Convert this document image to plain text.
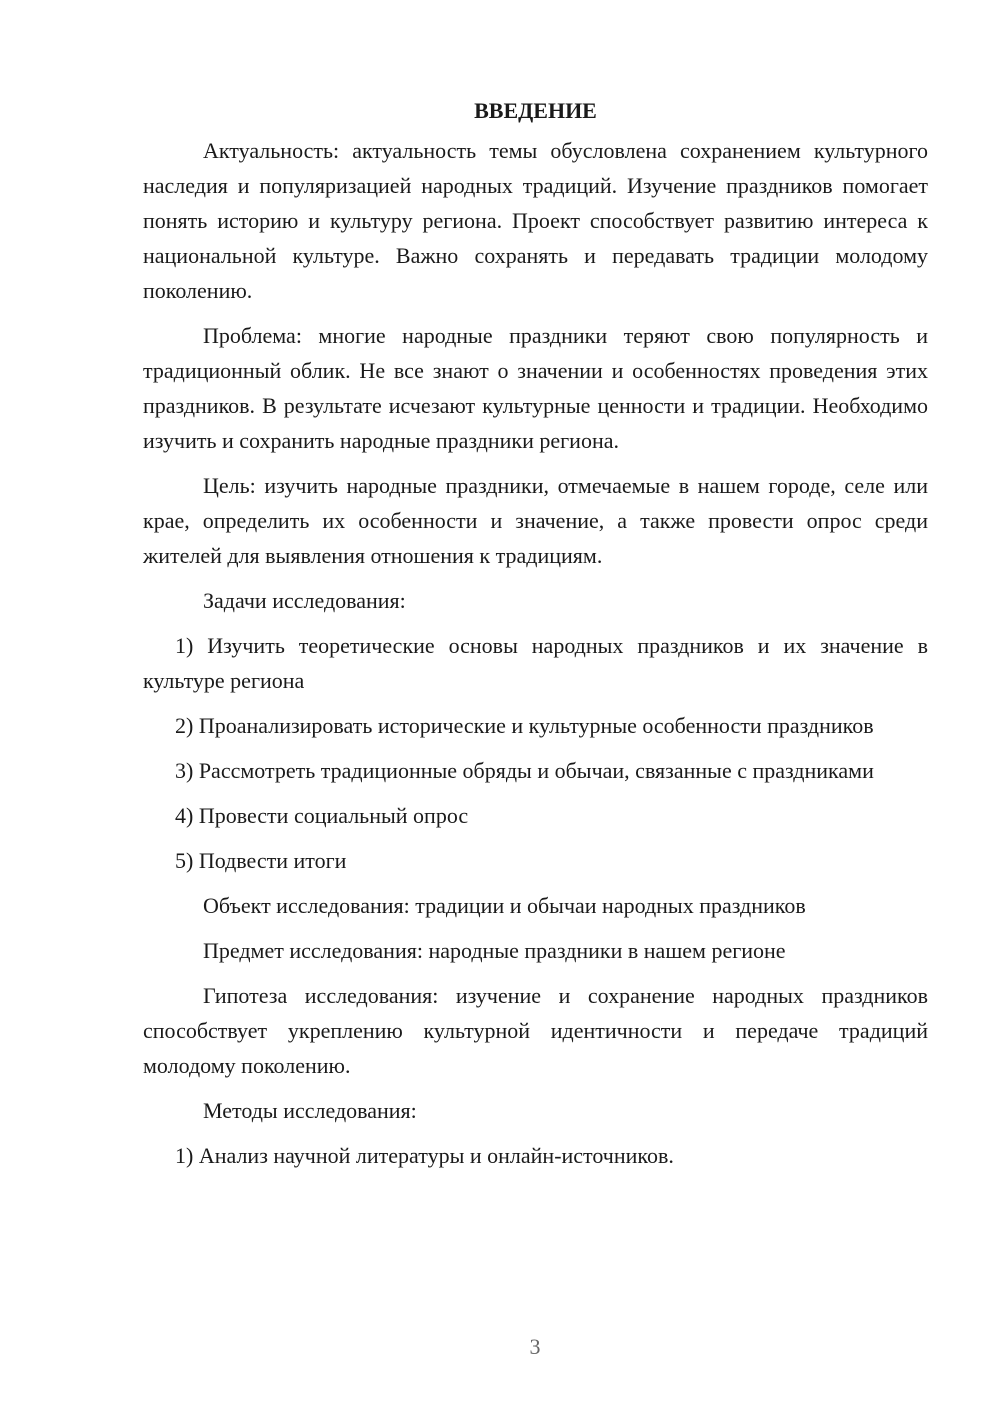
ВВЕДЕНИЕ

Актуальность: актуальность темы обусловлена сохранением культурного наследия и популяризацией народных традиций. Изучение праздников помогает понять историю и культуру региона. Проект способствует развитию интереса к национальной культуре. Важно сохранять и передавать традиции молодому поколению.

Проблема: многие народные праздники теряют свою популярность и традиционный облик. Не все знают о значении и особенностях проведения этих праздников. В результате исчезают культурные ценности и традиции. Необходимо изучить и сохранить народные праздники региона.

Цель: изучить народные праздники, отмечаемые в нашем городе, селе или крае, определить их особенности и значение, а также провести опрос среди жителей для выявления отношения к традициям.

Задачи исследования:

1) Изучить теоретические основы народных праздников и их значение в культуре региона

2) Проанализировать исторические и культурные особенности праздников

3) Рассмотреть традиционные обряды и обычаи, связанные с праздниками

4) Провести социальный опрос

5) Подвести итоги

Объект исследования: традиции и обычаи народных праздников

Предмет исследования: народные праздники в нашем регионе

Гипотеза исследования: изучение и сохранение народных праздников способствует укреплению культурной идентичности и передаче традиций молодому поколению.

Методы исследования:

1) Анализ научной литературы и онлайн-источников.

3
